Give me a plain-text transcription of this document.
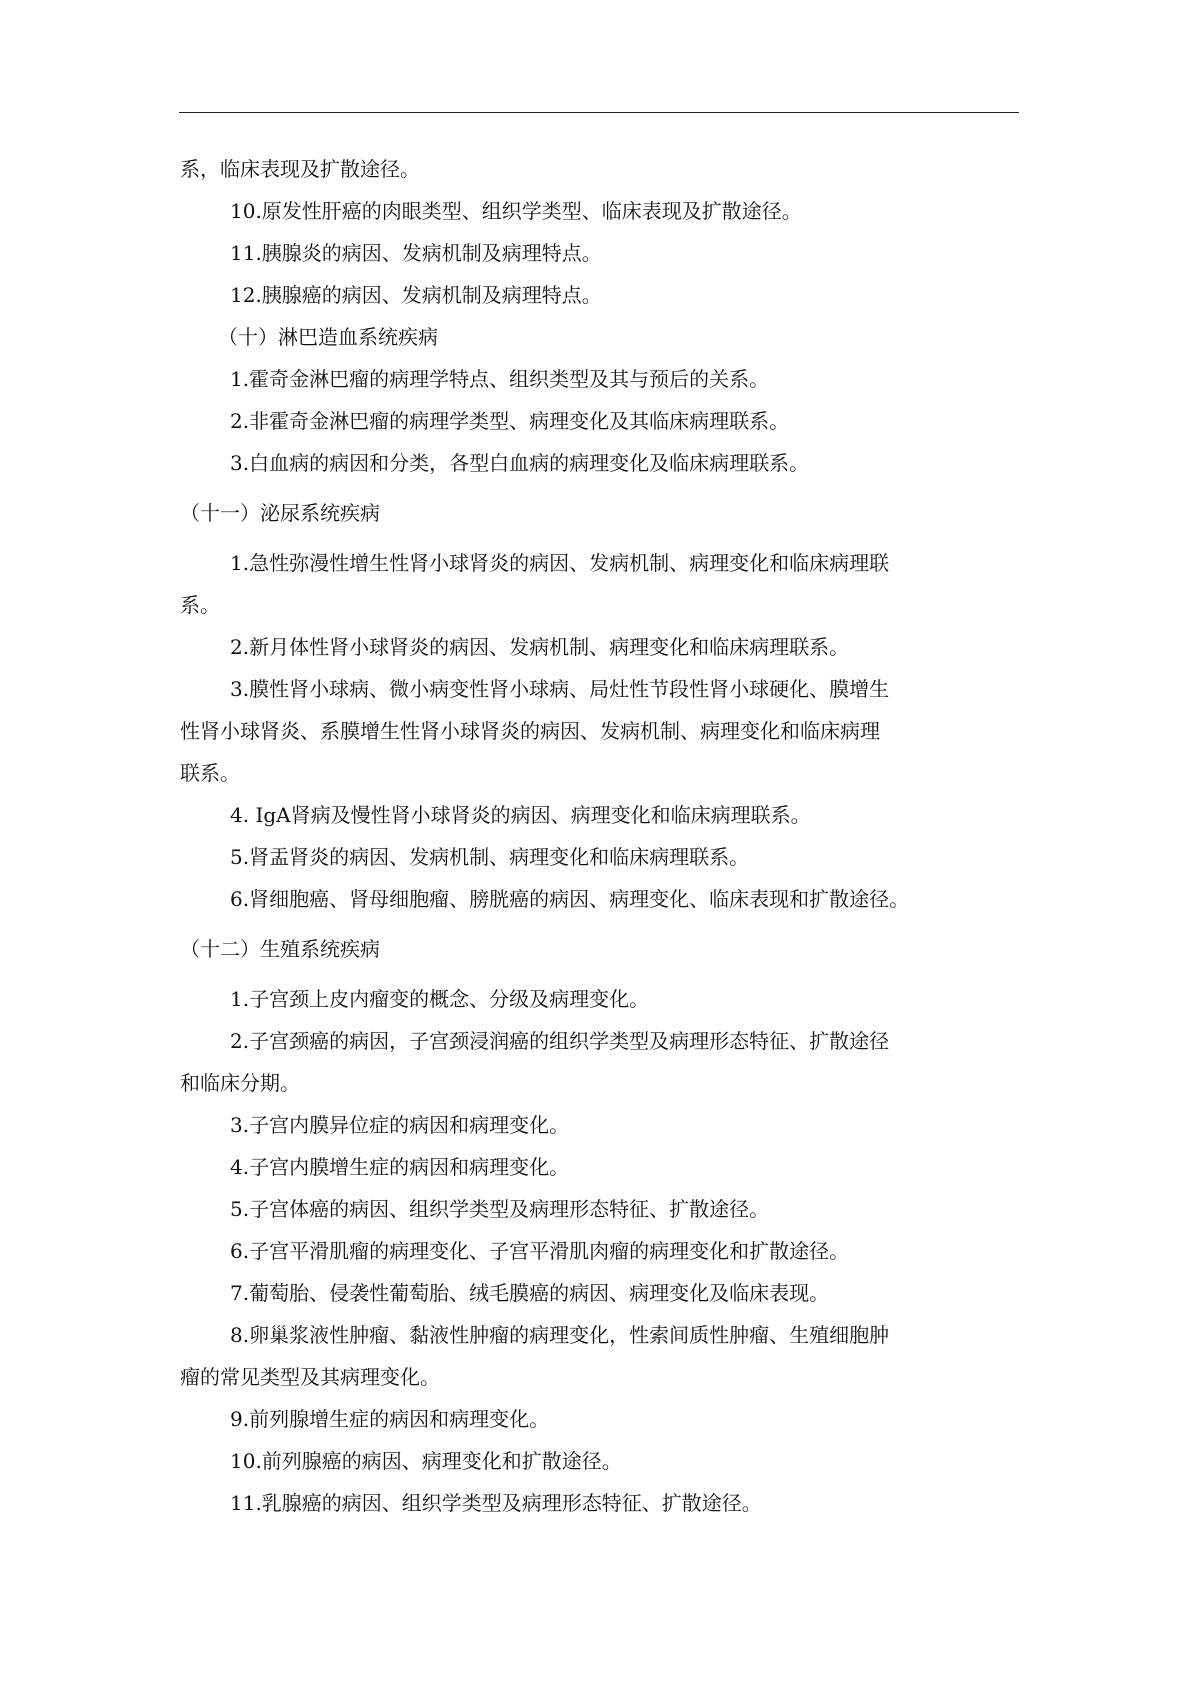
系，临床表现及扩散途径。
10.原发性肝癌的肉眼类型、组织学类型、临床表现及扩散途径。
11.胰腺炎的病因、发病机制及病理特点。
12.胰腺癌的病因、发病机制及病理特点。
（十）淋巴造血系统疾病
1.霍奇金淋巴瘤的病理学特点、组织类型及其与预后的关系。
2.非霍奇金淋巴瘤的病理学类型、病理变化及其临床病理联系。
3.白血病的病因和分类，各型白血病的病理变化及临床病理联系。
（十一）泌尿系统疾病
1.急性弥漫性增生性肾小球肾炎的病因、发病机制、病理变化和临床病理联
系。
2.新月体性肾小球肾炎的病因、发病机制、病理变化和临床病理联系。
3.膜性肾小球病、微小病变性肾小球病、局灶性节段性肾小球硬化、膜增生
性肾小球肾炎、系膜增生性肾小球肾炎的病因、发病机制、病理变化和临床病理
联系。
4. IgA肾病及慢性肾小球肾炎的病因、病理变化和临床病理联系。
5.肾盂肾炎的病因、发病机制、病理变化和临床病理联系。
6.肾细胞癌、肾母细胞瘤、膀胱癌的病因、病理变化、临床表现和扩散途径。
（十二）生殖系统疾病
1.子宫颈上皮内瘤变的概念、分级及病理变化。
2.子宫颈癌的病因，子宫颈浸润癌的组织学类型及病理形态特征、扩散途径
和临床分期。
3.子宫内膜异位症的病因和病理变化。
4.子宫内膜增生症的病因和病理变化。
5.子宫体癌的病因、组织学类型及病理形态特征、扩散途径。
6.子宫平滑肌瘤的病理变化、子宫平滑肌肉瘤的病理变化和扩散途径。
7.葡萄胎、侵袭性葡萄胎、绒毛膜癌的病因、病理变化及临床表现。
8.卵巢浆液性肿瘤、黏液性肿瘤的病理变化，性索间质性肿瘤、生殖细胞肿
瘤的常见类型及其病理变化。
9.前列腺增生症的病因和病理变化。
10.前列腺癌的病因、病理变化和扩散途径。
11.乳腺癌的病因、组织学类型及病理形态特征、扩散途径。
